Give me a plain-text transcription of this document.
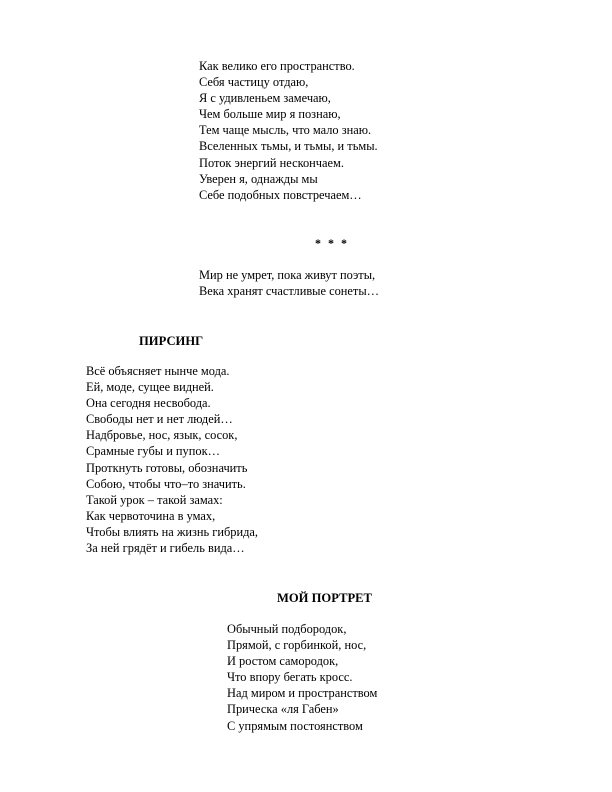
Как велико его пространство.
Себя частицу отдаю,
Я с удивленьем замечаю,
Чем больше мир я познаю,
Тем чаще мысль, что мало знаю.
Вселенных тьмы, и тьмы, и тьмы.
Поток энергий нескончаем.
Уверен я, однажды мы
Себе подобных повстречаем…
* * *
Мир не умрет, пока живут поэты,
Века хранят счастливые сонеты…
ПИРСИНГ
Всё объясняет нынче мода.
Ей, моде, сущее видней.
Она сегодня несвобода.
Свободы нет и нет людей…
Надбровье, нос, язык, сосок,
Срамные губы и пупок…
Проткнуть готовы, обозначить
Собою, чтобы что–то значить.
Такой урок – такой замах:
Как червоточина в умах,
Чтобы влиять на жизнь гибрида,
За ней грядёт и гибель вида…
МОЙ ПОРТРЕТ
Обычный подбородок,
Прямой, с горбинкой, нос,
И ростом самородок,
Что впору бегать кросс.
Над миром и пространством
Прическа «ля Габен»
С упрямым постоянством
